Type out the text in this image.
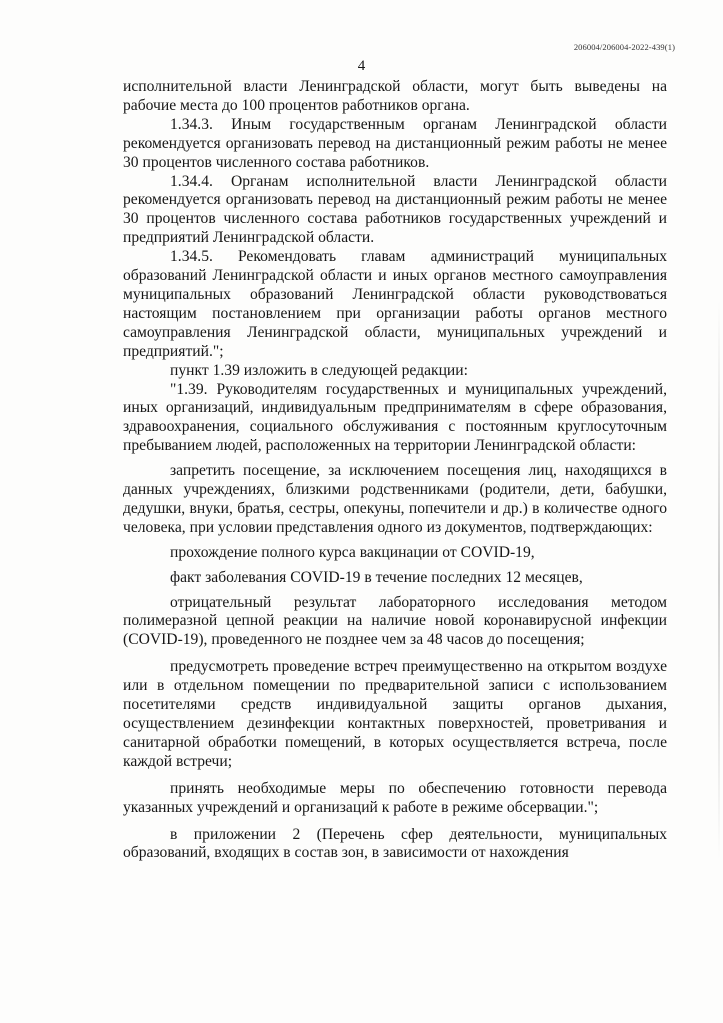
206004/206004-2022-439(1)
4

исполнительной власти Ленинградской области, могут быть выведены на рабочие места до 100 процентов работников органа.

1.34.3. Иным государственным органам Ленинградской области рекомендуется организовать перевод на дистанционный режим работы не менее 30 процентов численного состава работников.

1.34.4. Органам исполнительной власти Ленинградской области рекомендуется организовать перевод на дистанционный режим работы не менее 30 процентов численного состава работников государственных учреждений и предприятий Ленинградской области.

1.34.5. Рекомендовать главам администраций муниципальных образований Ленинградской области и иных органов местного самоуправления муниципальных образований Ленинградской области руководствоваться настоящим постановлением при организации работы органов местного самоуправления Ленинградской области, муниципальных учреждений и предприятий.";

пункт 1.39 изложить в следующей редакции:

"1.39. Руководителям государственных и муниципальных учреждений, иных организаций, индивидуальным предпринимателям в сфере образования, здравоохранения, социального обслуживания с постоянным круглосуточным пребыванием людей, расположенных на территории Ленинградской области:

запретить посещение, за исключением посещения лиц, находящихся в данных учреждениях, близкими родственниками (родители, дети, бабушки, дедушки, внуки, братья, сестры, опекуны, попечители и др.) в количестве одного человека, при условии представления одного из документов, подтверждающих:

прохождение полного курса вакцинации от COVID-19,

факт заболевания COVID-19 в течение последних 12 месяцев,

отрицательный результат лабораторного исследования методом полимеразной цепной реакции на наличие новой коронавирусной инфекции (COVID-19), проведенного не позднее чем за 48 часов до посещения;

предусмотреть проведение встреч преимущественно на открытом воздухе или в отдельном помещении по предварительной записи с использованием посетителями средств индивидуальной защиты органов дыхания, осуществлением дезинфекции контактных поверхностей, проветривания и санитарной обработки помещений, в которых осуществляется встреча, после каждой встречи;

принять необходимые меры по обеспечению готовности перевода указанных учреждений и организаций к работе в режиме обсервации.";

в приложении 2 (Перечень сфер деятельности, муниципальных образований, входящих в состав зон, в зависимости от нахождения
